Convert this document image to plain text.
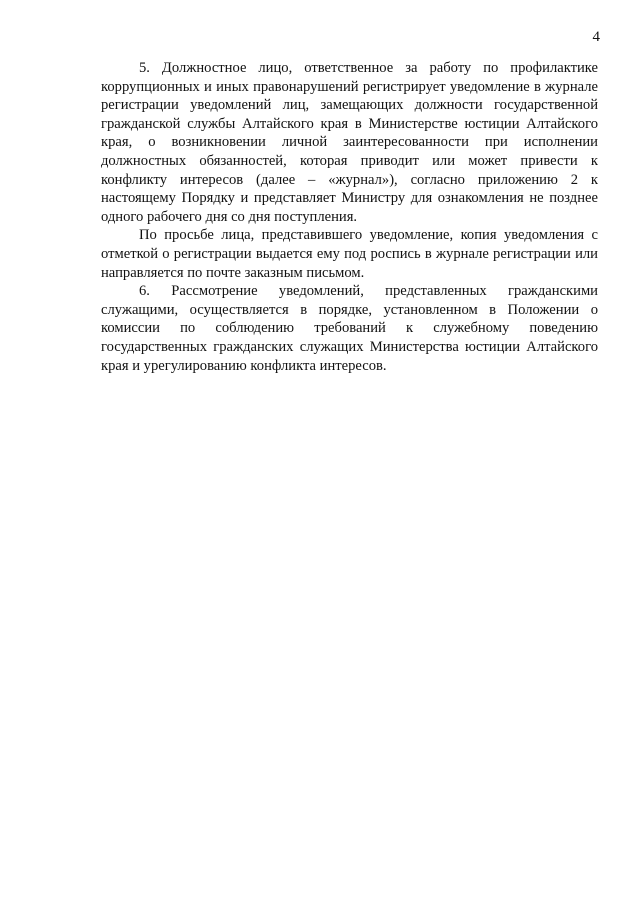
4

5. Должностное лицо, ответственное за работу по профилактике коррупционных и иных правонарушений регистрирует уведомление в журнале регистрации уведомлений лиц, замещающих должности государственной гражданской службы Алтайского края в Министерстве юстиции Алтайского края, о возникновении личной заинтересованности при исполнении должностных обязанностей, которая приводит или может привести к конфликту интересов (далее – «журнал»), согласно приложению 2 к настоящему Порядку и представляет Министру для ознакомления не позднее одного рабочего дня со дня поступления.

По просьбе лица, представившего уведомление, копия уведомления с отметкой о регистрации выдается ему под роспись в журнале регистрации или направляется по почте заказным письмом.

6. Рассмотрение уведомлений, представленных гражданскими служащими, осуществляется в порядке, установленном в Положении о комиссии по соблюдению требований к служебному поведению государственных гражданских служащих Министерства юстиции Алтайского края и урегулированию конфликта интересов.
